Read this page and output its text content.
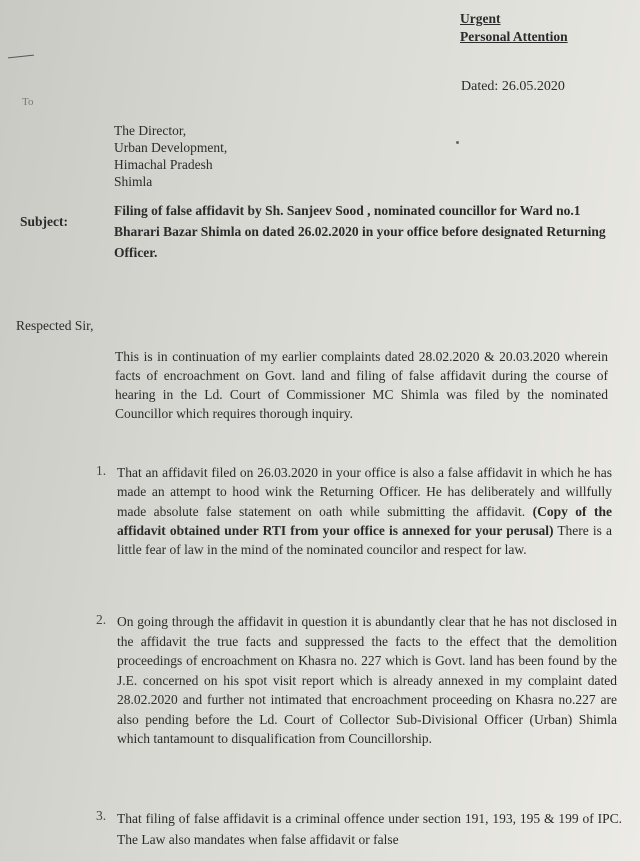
Urgent
Personal Attention
Dated: 26.05.2020
To
The Director,
Urban Development,
Himachal Pradesh
Shimla
Subject:
Filing of false affidavit by Sh. Sanjeev Sood , nominated councillor for Ward no.1 Bharari Bazar Shimla on dated 26.02.2020 in your office before designated Returning Officer.
Respected Sir,
This is in continuation of my earlier complaints dated 28.02.2020 & 20.03.2020 wherein facts of encroachment on Govt. land and filing of false affidavit during the course of hearing in the Ld. Court of Commissioner MC Shimla was filed by the nominated Councillor which requires thorough inquiry.
1. That an affidavit filed on 26.03.2020 in your office is also a false affidavit in which he has made an attempt to hood wink the Returning Officer. He has deliberately and willfully made absolute false statement on oath while submitting the affidavit. (Copy of the affidavit obtained under RTI from your office is annexed for your perusal) There is a little fear of law in the mind of the nominated councilor and respect for law.
2. On going through the affidavit in question it is abundantly clear that he has not disclosed in the affidavit the true facts and suppressed the facts to the effect that the demolition proceedings of encroachment on Khasra no. 227 which is Govt. land has been found by the J.E. concerned on his spot visit report which is already annexed in my complaint dated 28.02.2020 and further not intimated that encroachment proceeding on Khasra no.227 are also pending before the Ld. Court of Collector Sub-Divisional Officer (Urban) Shimla which tantamount to disqualification from Councillorship.
3. That filing of false affidavit is a criminal offence under section 191, 193, 195 & 199 of IPC. The Law also mandates when false affidavit or false
